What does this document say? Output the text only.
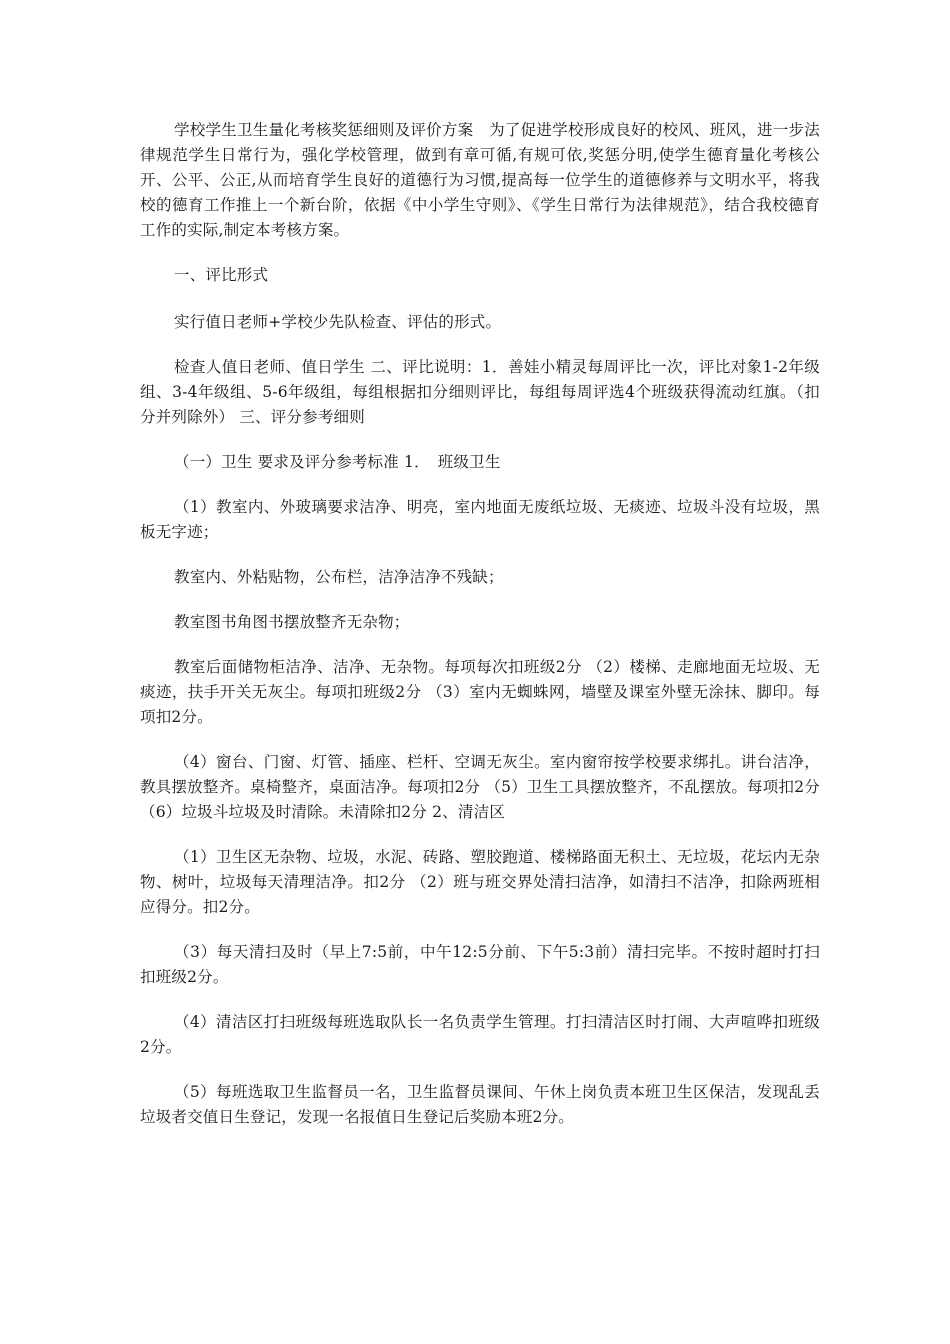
学校学生卫生量化考核奖惩细则及评价方案　为了促进学校形成良好的校风、班风，进一步法律规范学生日常行为，强化学校管理，做到有章可循,有规可依,奖惩分明,使学生德育量化考核公开、公平、公正,从而培育学生良好的道德行为习惯,提高每一位学生的道德修养与文明水平，将我校的德育工作推上一个新台阶，依据《中小学生守则》、《学生日常行为法律规范》，结合我校德育工作的实际,制定本考核方案。

一、评比形式

实行值日老师+学校少先队检查、评估的形式。

检查人值日老师、值日学生 二、评比说明：1．善娃小精灵每周评比一次，评比对象1-2年级组、3-4年级组、5-6年级组，每组根据扣分细则评比，每组每周评选4个班级获得流动红旗。（扣分并列除外） 三、评分参考细则

（一）卫生 要求及评分参考标准 1．　班级卫生

（1）教室内、外玻璃要求洁净、明亮，室内地面无废纸垃圾、无痰迹、垃圾斗没有垃圾，黑板无字迹；

教室内、外粘贴物，公布栏，洁净洁净不残缺；

教室图书角图书摆放整齐无杂物；

教室后面储物柜洁净、洁净、无杂物。每项每次扣班级2分 （2）楼梯、走廊地面无垃圾、无痰迹，扶手开关无灰尘。每项扣班级2分 （3）室内无蜘蛛网，墙壁及课室外壁无涂抹、脚印。每项扣2分。

（4）窗台、门窗、灯管、插座、栏杆、空调无灰尘。室内窗帘按学校要求绑扎。讲台洁净，教具摆放整齐。桌椅整齐，桌面洁净。每项扣2分 （5）卫生工具摆放整齐，不乱摆放。每项扣2分 （6）垃圾斗垃圾及时清除。未清除扣2分 2、清洁区

（1）卫生区无杂物、垃圾，水泥、砖路、塑胶跑道、楼梯路面无积土、无垃圾，花坛内无杂物、树叶，垃圾每天清理洁净。扣2分 （2）班与班交界处清扫洁净，如清扫不洁净，扣除两班相应得分。扣2分。

（3）每天清扫及时（早上7:5前，中午12:5分前、下午5:3前）清扫完毕。不按时超时打扫扣班级2分。

（4）清洁区打扫班级每班选取队长一名负责学生管理。打扫清洁区时打闹、大声喧哗扣班级2分。

（5）每班选取卫生监督员一名，卫生监督员课间、午休上岗负责本班卫生区保洁，发现乱丢垃圾者交值日生登记，发现一名报值日生登记后奖励本班2分。
